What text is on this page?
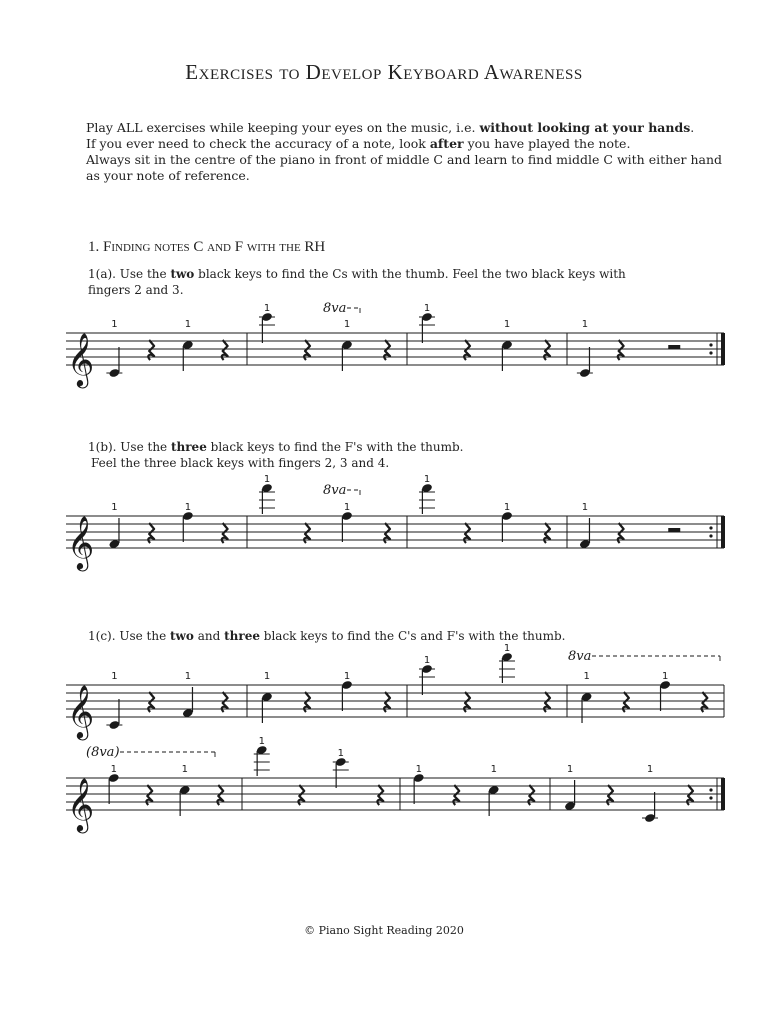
Exercises to Develop Keyboard Awareness

Play ALL exercises while keeping your eyes on the music, i.e. without looking at your hands.

If you ever need to check the accuracy of a note, look after you have played the note.

Always sit in the centre of the piano in front of middle C and learn to find middle C with either hand

as your note of reference.

1. Finding notes C and F with the RH

1(a). Use the two black keys to find the Cs with the thumb. Feel the two black keys with

fingers 2 and 3.

1(b). Use the three black keys to find the F's with the thumb.

Feel the three black keys with fingers 2, 3 and 4.

1(c). Use the two and three black keys to find the C's and F's with the thumb.

𝄞
1	1
1
1
1
1	1
8va
𝄞
1	1
1
1
1
1	1
8va
𝄞
1	1	1	1
1
1
1	1
8va
𝄞
1	1
1
1
1	1	1	1
(8va)
© Piano Sight Reading 2020
